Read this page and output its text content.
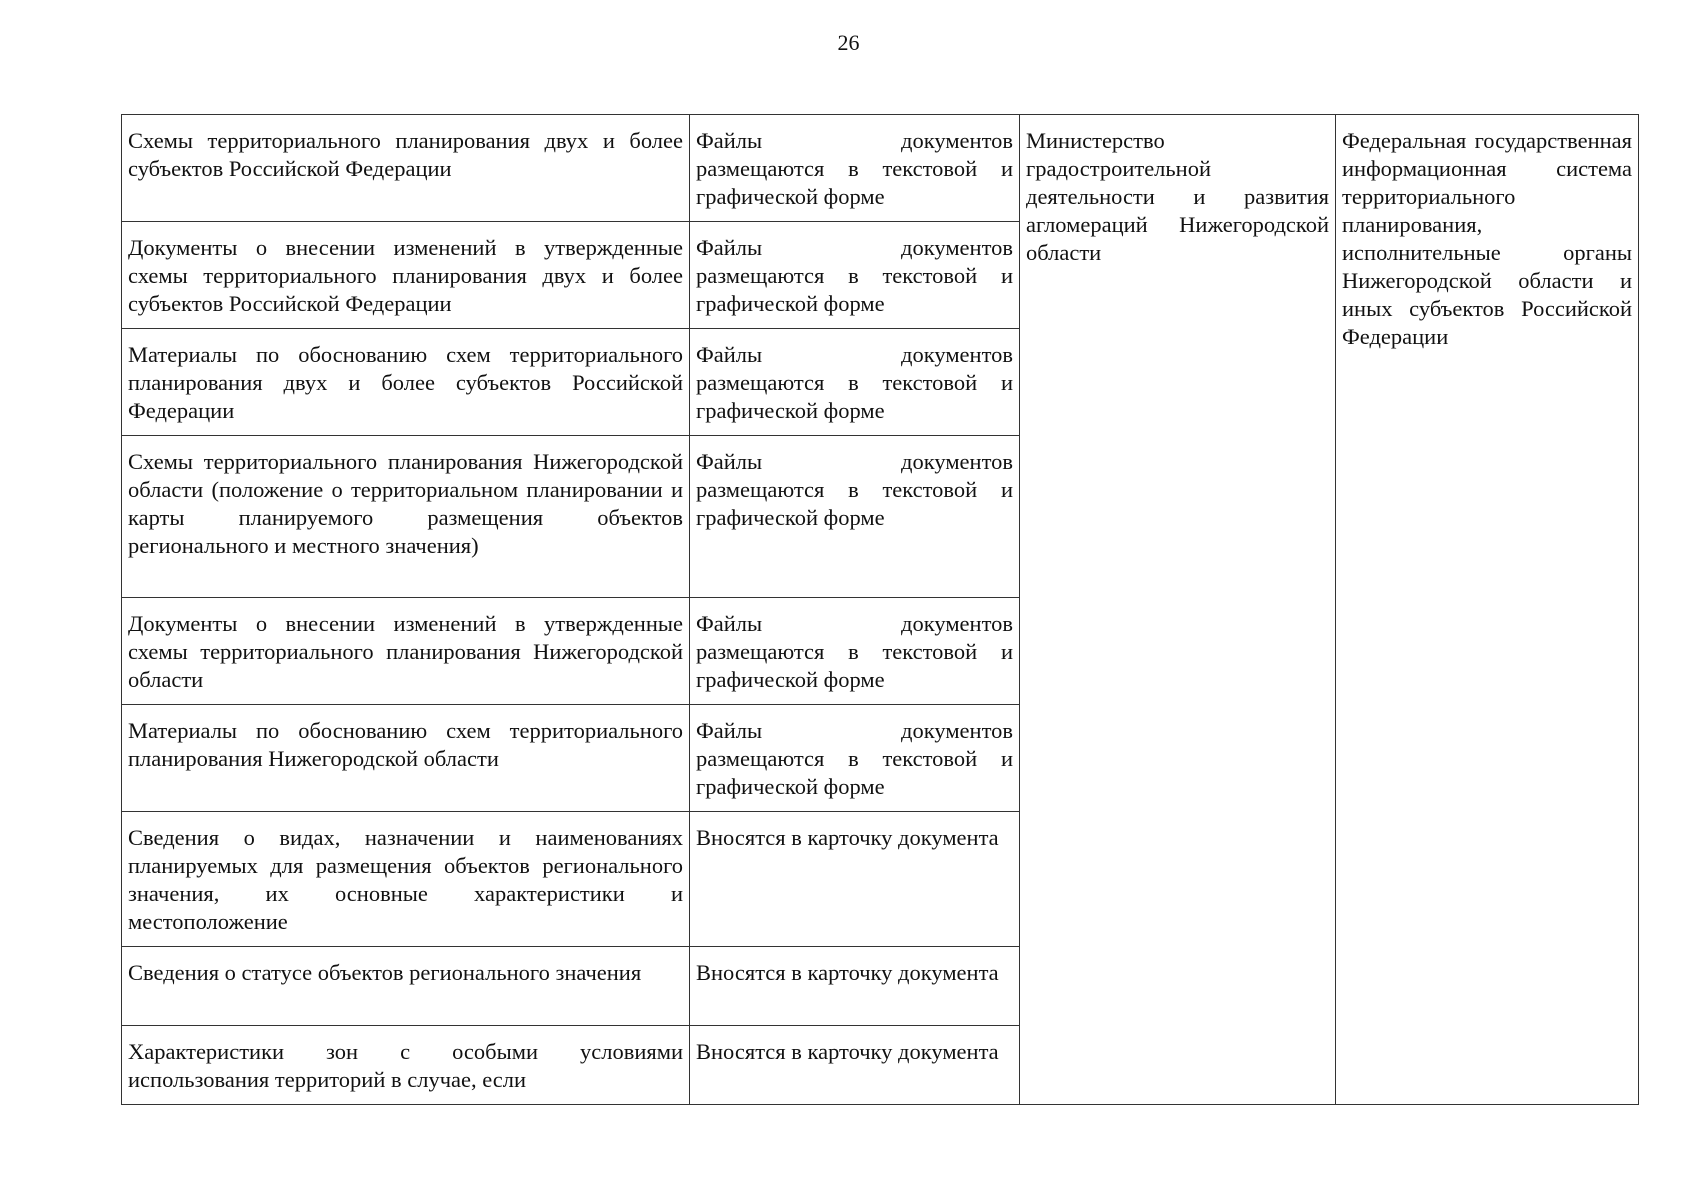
26
Схемы территориального планирования двух и более субъектов Российской Федерации	Файлы документов размещаются в текстовой и графической форме	Министерство градостроительной деятельности и развития агломераций Нижегородской области	Федеральная государственная информационная система территориального планирования, исполнительные органы Нижегородской области и иных субъектов Российской Федерации
Документы о внесении изменений в утвержденные схемы территориального планирования двух и более субъектов Российской Федерации	Файлы документов размещаются в текстовой и графической форме		
Материалы по обоснованию схем территориального планирования двух и более субъектов Российской Федерации	Файлы документов размещаются в текстовой и графической форме		
Схемы территориального планирования Нижегородской области (положение о территориальном планировании и карты планируемого размещения объектов регионального и местного значения)	Файлы документов размещаются в текстовой и графической форме		
Документы о внесении изменений в утвержденные схемы территориального планирования Нижегородской области	Файлы документов размещаются в текстовой и графической форме		
Материалы по обоснованию схем территориального планирования Нижегородской области	Файлы документов размещаются в текстовой и графической форме		
Сведения о видах, назначении и наименованиях планируемых для размещения объектов регионального значения, их основные характеристики и местоположение	Вносятся в карточку документа		
Сведения о статусе объектов регионального значения	Вносятся в карточку документа		
Характеристики зон с особыми условиями использования территорий в случае, если	Вносятся в карточку документа		
